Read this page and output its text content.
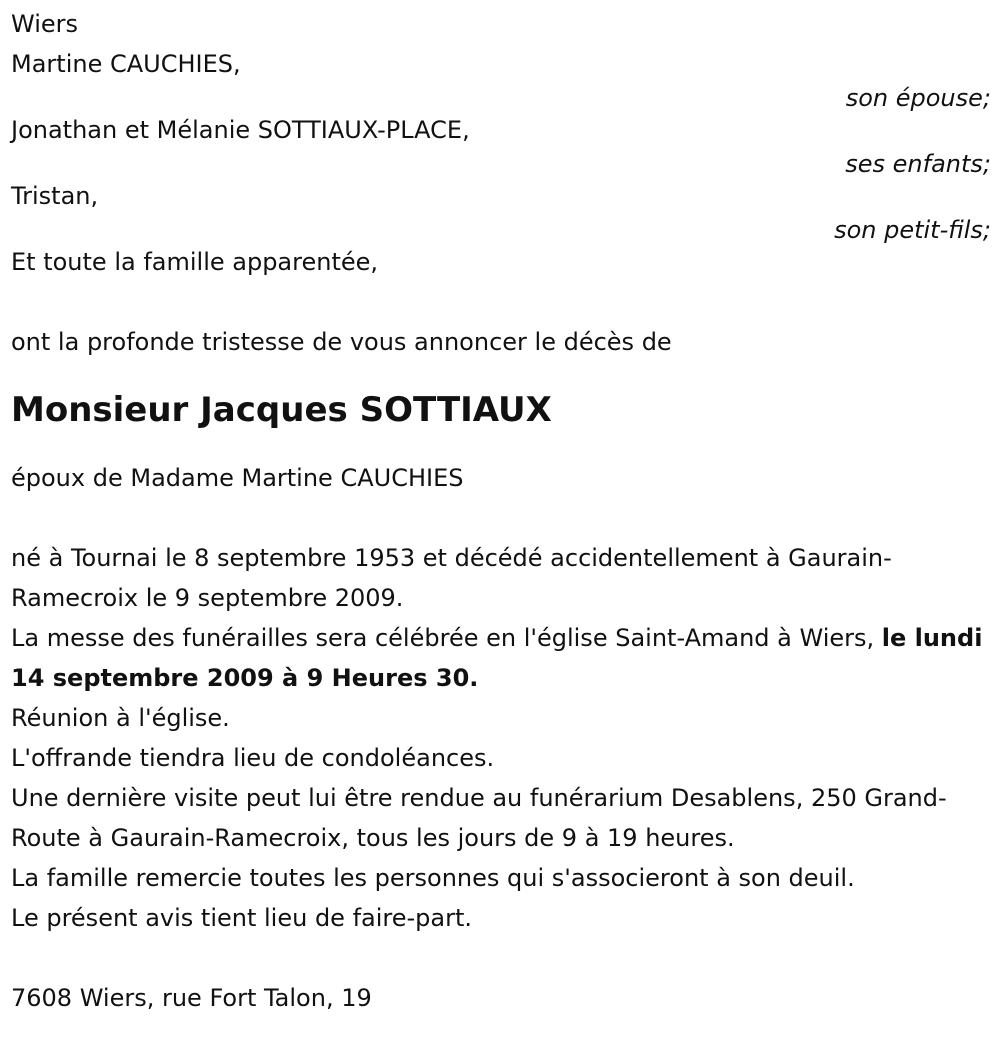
Wiers
Martine CAUCHIES,
son épouse;
Jonathan et Mélanie SOTTIAUX-PLACE,
ses enfants;
Tristan,
son petit-fils;
Et toute la famille apparentée,
ont la profonde tristesse de vous annoncer le décès de
Monsieur Jacques SOTTIAUX
époux de Madame Martine CAUCHIES

né à Tournai le 8 septembre 1953 et décédé accidentellement à Gaurain-Ramecroix le 9 septembre 2009.

La messe des funérailles sera célébrée en l'église Saint-Amand à Wiers, le lundi 14 septembre 2009 à 9 Heures 30.

Réunion à l'église.

L'offrande tiendra lieu de condoléances.

Une dernière visite peut lui être rendue au funérarium Desablens, 250 Grand-Route à Gaurain-Ramecroix, tous les jours de 9 à 19 heures.

La famille remercie toutes les personnes qui s'associeront à son deuil.

Le présent avis tient lieu de faire-part.

7608 Wiers, rue Fort Talon, 19
